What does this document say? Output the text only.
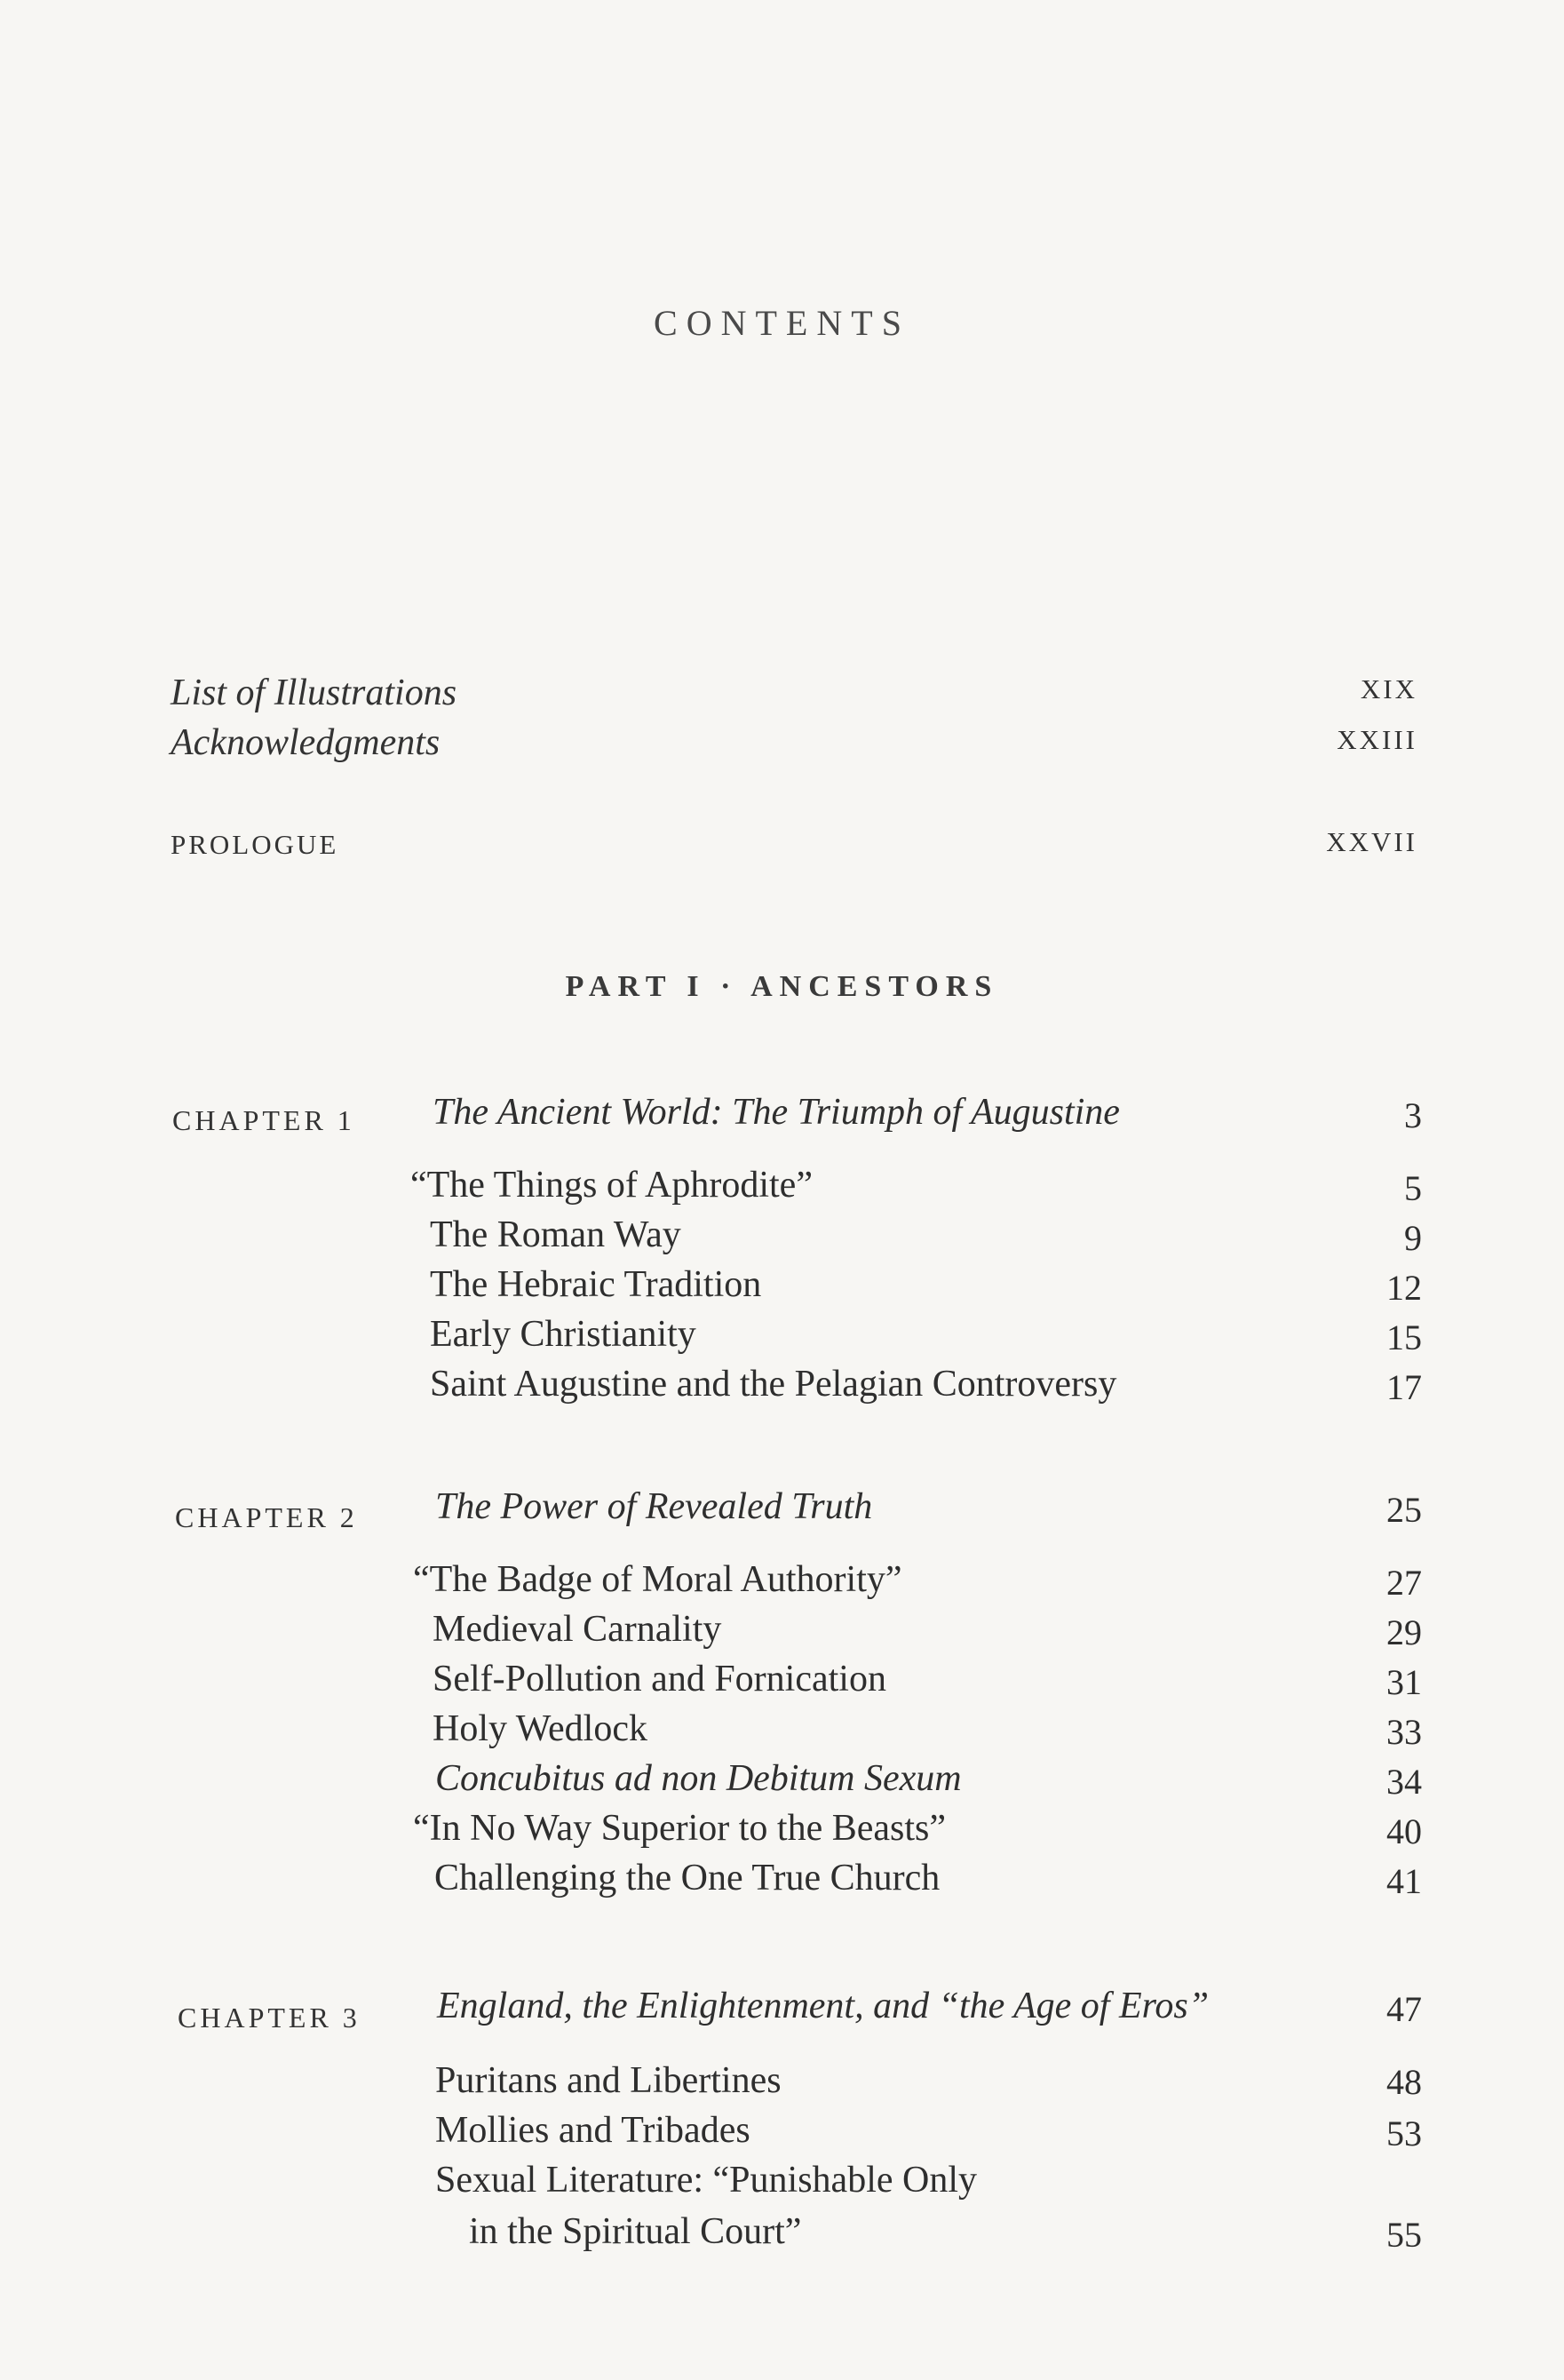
CONTENTS
List of Illustrations	XIX
Acknowledgments	XXIII
PROLOGUE	XXVII
PART I · ANCESTORS
CHAPTER 1 The Ancient World: The Triumph of Augustine	3
“The Things of Aphrodite”	5
The Roman Way	9
The Hebraic Tradition	12
Early Christianity	15
Saint Augustine and the Pelagian Controversy	17
CHAPTER 2 The Power of Revealed Truth	25
“The Badge of Moral Authority”	27
Medieval Carnality	29
Self-Pollution and Fornication	31
Holy Wedlock	33
Concubitus ad non Debitum Sexum	34
“In No Way Superior to the Beasts”	40
Challenging the One True Church	41
CHAPTER 3 England, the Enlightenment, and “the Age of Eros”	47
Puritans and Libertines	48
Mollies and Tribades	53
Sexual Literature: “Punishable Only
in the Spiritual Court”	55
